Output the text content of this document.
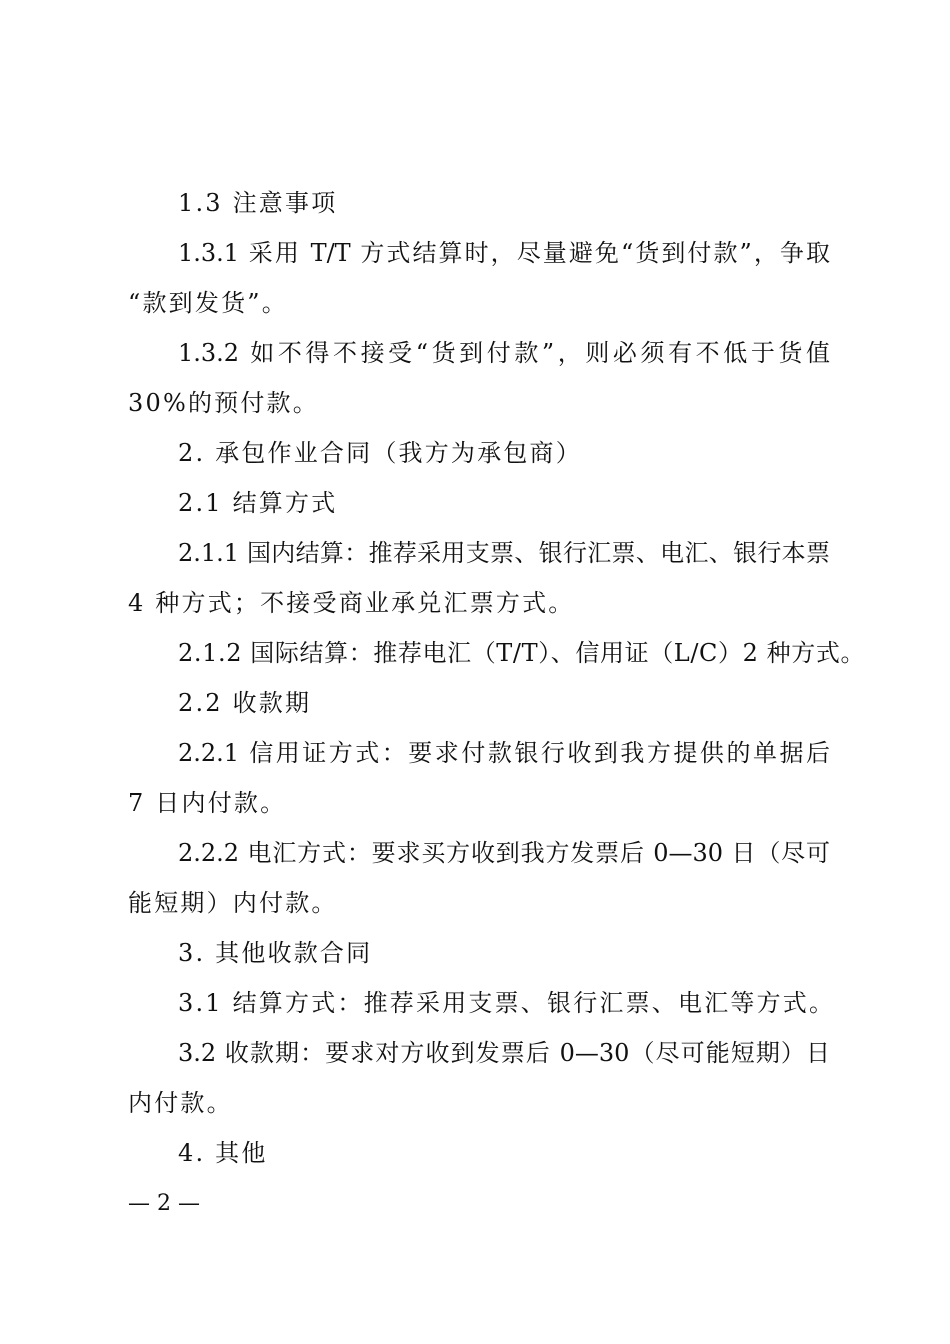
1.3 注意事项
1.3.1 采用 T/T 方式结算时，尽量避免“货到付款”，争取
“款到发货”。
1.3.2 如不得不接受“货到付款”，则必须有不低于货值
30%的预付款。
2. 承包作业合同（我方为承包商）
2.1 结算方式
2.1.1 国内结算：推荐采用支票、银行汇票、电汇、银行本票
4 种方式；不接受商业承兑汇票方式。
2.1.2 国际结算：推荐电汇（T/T）、信用证（L/C）2 种方式。
2.2 收款期
2.2.1 信用证方式：要求付款银行收到我方提供的单据后
7 日内付款。
2.2.2 电汇方式：要求买方收到我方发票后 0—30 日（尽可
能短期）内付款。
3. 其他收款合同
3.1 结算方式：推荐采用支票、银行汇票、电汇等方式。
3.2 收款期：要求对方收到发票后 0—30（尽可能短期）日
内付款。
4. 其他
— 2 —
